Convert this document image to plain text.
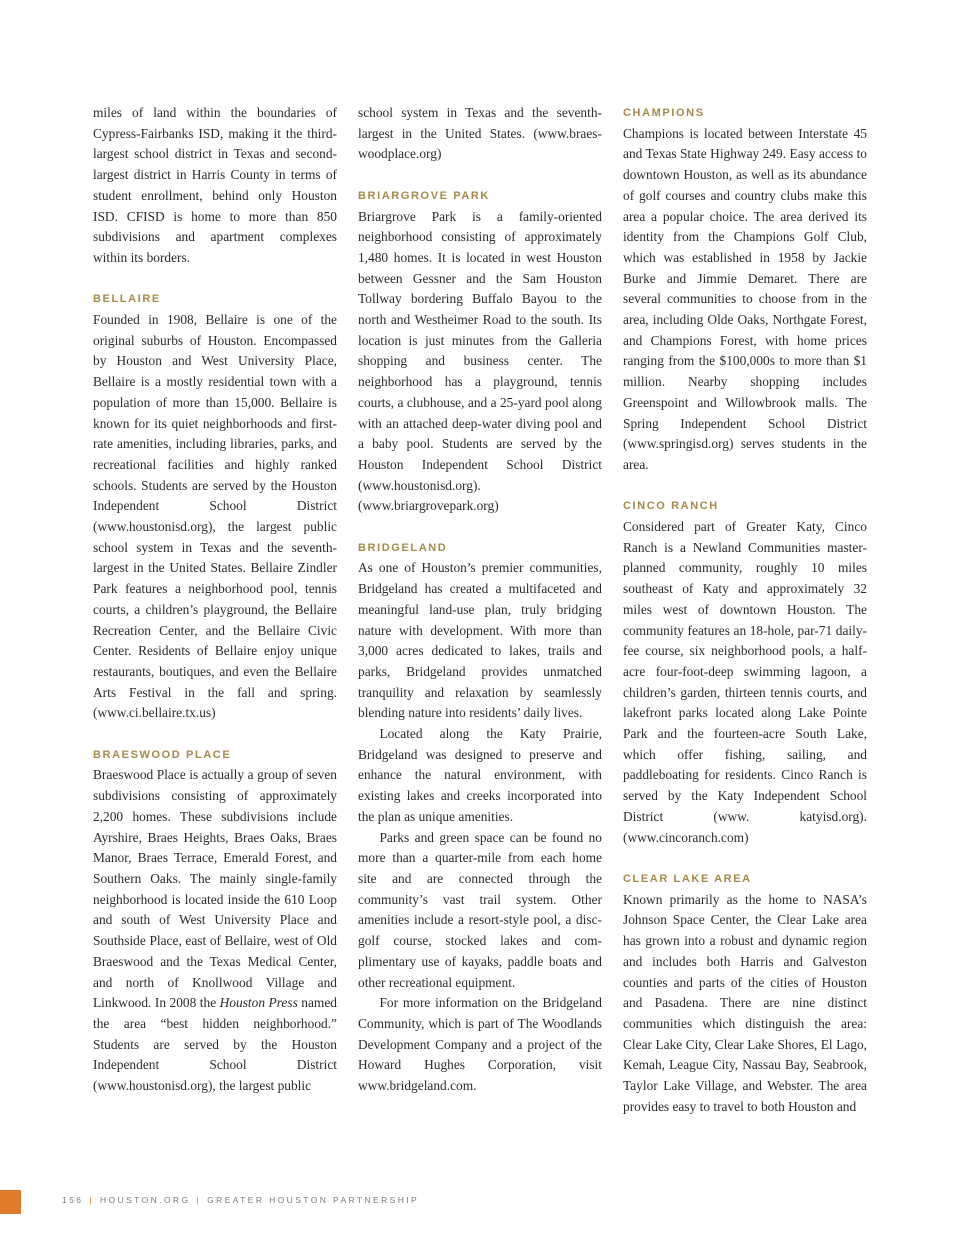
miles of land within the boundaries of Cypress-Fairbanks ISD, making it the third-largest school district in Texas and second-largest district in Harris County in terms of student enrollment, behind only Houston ISD. CFISD is home to more than 850 subdivisions and apartment complexes within its borders.

BELLAIRE

Founded in 1908, Bellaire is one of the original suburbs of Houston. Encompassed by Houston and West University Place, Bellaire is a mostly residential town with a population of more than 15,000. Bellaire is known for its quiet neighborhoods and first-rate amenities, including libraries, parks, and recreational facilities and highly ranked schools. Students are served by the Houston Independent School District (www.houstonisd.org), the largest public school system in Texas and the seventh-largest in the United States. Bellaire Zindler Park features a neighborhood pool, tennis courts, a children’s playground, the Bellaire Recreation Center, and the Bellaire Civic Center. Residents of Bellaire enjoy unique restaurants, boutiques, and even the Bellaire Arts Festival in the fall and spring. (www.ci.bellaire.tx.us)

BRAESWOOD PLACE

Braeswood Place is actually a group of seven subdivisions consisting of approximately 2,200 homes. These subdivisions include Ayrshire, Braes Heights, Braes Oaks, Braes Manor, Braes Terrace, Emerald Forest, and Southern Oaks. The mainly single-family neighborhood is located inside the 610 Loop and south of West University Place and Southside Place, east of Bellaire, west of Old Braeswood and the Texas Medical Center, and north of Knollwood Village and Linkwood. In 2008 the Houston Press named the area “best hidden neighborhood.” Students are served by the Houston Independent School District (www.houstonisd.org), the largest public

school system in Texas and the seventh-largest in the United States. (www.braeswoodplace.org)

BRIARGROVE PARK

Briargrove Park is a family-oriented neighborhood consisting of approximately 1,480 homes. It is located in west Houston between Gessner and the Sam Houston Tollway bordering Buffalo Bayou to the north and Westheimer Road to the south. Its location is just minutes from the Galleria shopping and business center. The neighborhood has a playground, tennis courts, a clubhouse, and a 25-yard pool along with an attached deep-water diving pool and a baby pool. Students are served by the Houston Independent School District (www.houstonisd.org). (www.briargrovepark.org)

BRIDGELAND

As one of Houston’s premier communities, Bridgeland has created a multifaceted and meaningful land-use plan, truly bridging nature with development. With more than 3,000 acres dedicated to lakes, trails and parks, Bridgeland provides unmatched tranquility and relaxation by seamlessly blending nature into residents’ daily lives.

Located along the Katy Prairie, Bridgeland was designed to preserve and enhance the natural environment, with existing lakes and creeks incorporated into the plan as unique amenities.

Parks and green space can be found no more than a quarter-mile from each home site and are connected through the community’s vast trail system. Other amenities include a resort-style pool, a disc-golf course, stocked lakes and complimentary use of kayaks, paddle boats and other recreational equipment.

For more information on the Bridgeland Community, which is part of The Woodlands Development Company and a project of the Howard Hughes Corporation, visit www.bridgeland.com.

CHAMPIONS

Champions is located between Interstate 45 and Texas State Highway 249. Easy access to downtown Houston, as well as its abundance of golf courses and country clubs make this area a popular choice. The area derived its identity from the Champions Golf Club, which was established in 1958 by Jackie Burke and Jimmie Demaret. There are several communities to choose from in the area, including Olde Oaks, Northgate Forest, and Champions Forest, with home prices ranging from the $100,000s to more than $1 million. Nearby shopping includes Greenspoint and Willowbrook malls. The Spring Independent School District (www.springisd.org) serves students in the area.

CINCO RANCH

Considered part of Greater Katy, Cinco Ranch is a Newland Communities master-planned community, roughly 10 miles southeast of Katy and approximately 32 miles west of downtown Houston. The community features an 18-hole, par-71 daily-fee course, six neighborhood pools, a half-acre four-foot-deep swimming lagoon, a children’s garden, thirteen tennis courts, and lakefront parks located along Lake Pointe Park and the fourteen-acre South Lake, which offer fishing, sailing, and paddleboating for residents. Cinco Ranch is served by the Katy Independent School District (www. katyisd.org). (www.cincoranch.com)

CLEAR LAKE AREA

Known primarily as the home to NASA’s Johnson Space Center, the Clear Lake area has grown into a robust and dynamic region and includes both Harris and Galveston counties and parts of the cities of Houston and Pasadena. There are nine distinct communities which distinguish the area: Clear Lake City, Clear Lake Shores, El Lago, Kemah, League City, Nassau Bay, Seabrook, Taylor Lake Village, and Webster. The area provides easy to travel to both Houston and

156 | HOUSTON.ORG | GREATER HOUSTON PARTNERSHIP
